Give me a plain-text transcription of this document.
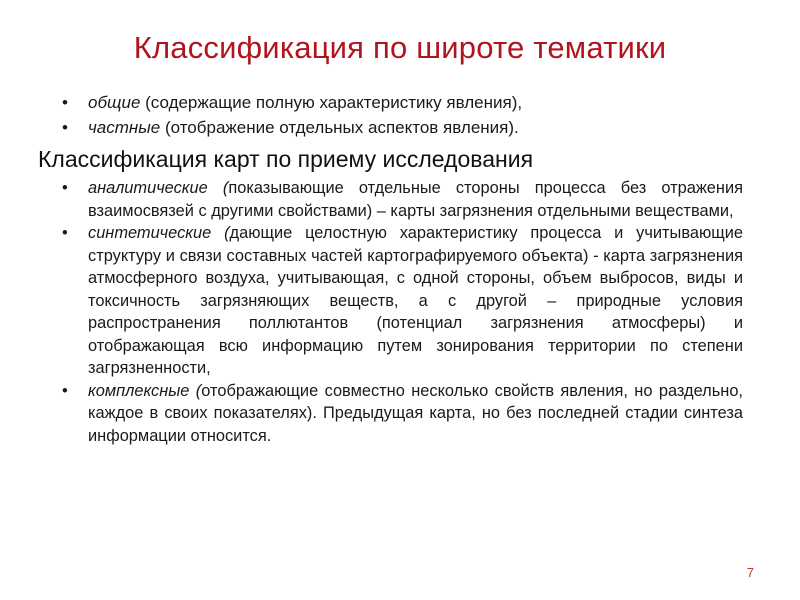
Классификация по широте тематики
• общие (содержащие полную характеристику явления),
• частные (отображение отдельных аспектов явления).
Классификация карт по приему исследования
• аналитические (показывающие отдельные стороны процесса без отражения взаимосвязей с другими свойствами) – карты загрязнения отдельными веществами,
• синтетические (дающие целостную характеристику процесса и учитывающие структуру и связи составных частей картографируемого объекта) - карта загрязнения атмосферного воздуха, учитывающая, с одной стороны, объем выбросов, виды и токсичность загрязняющих веществ, а с другой – природные условия распространения поллютантов (потенциал загрязнения атмосферы) и отображающая всю информацию путем зонирования территории по степени загрязненности,
• комплексные (отображающие совместно несколько свойств явления, но раздельно, каждое в своих показателях). Предыдущая карта, но без последней стадии синтеза информации относится.
7
